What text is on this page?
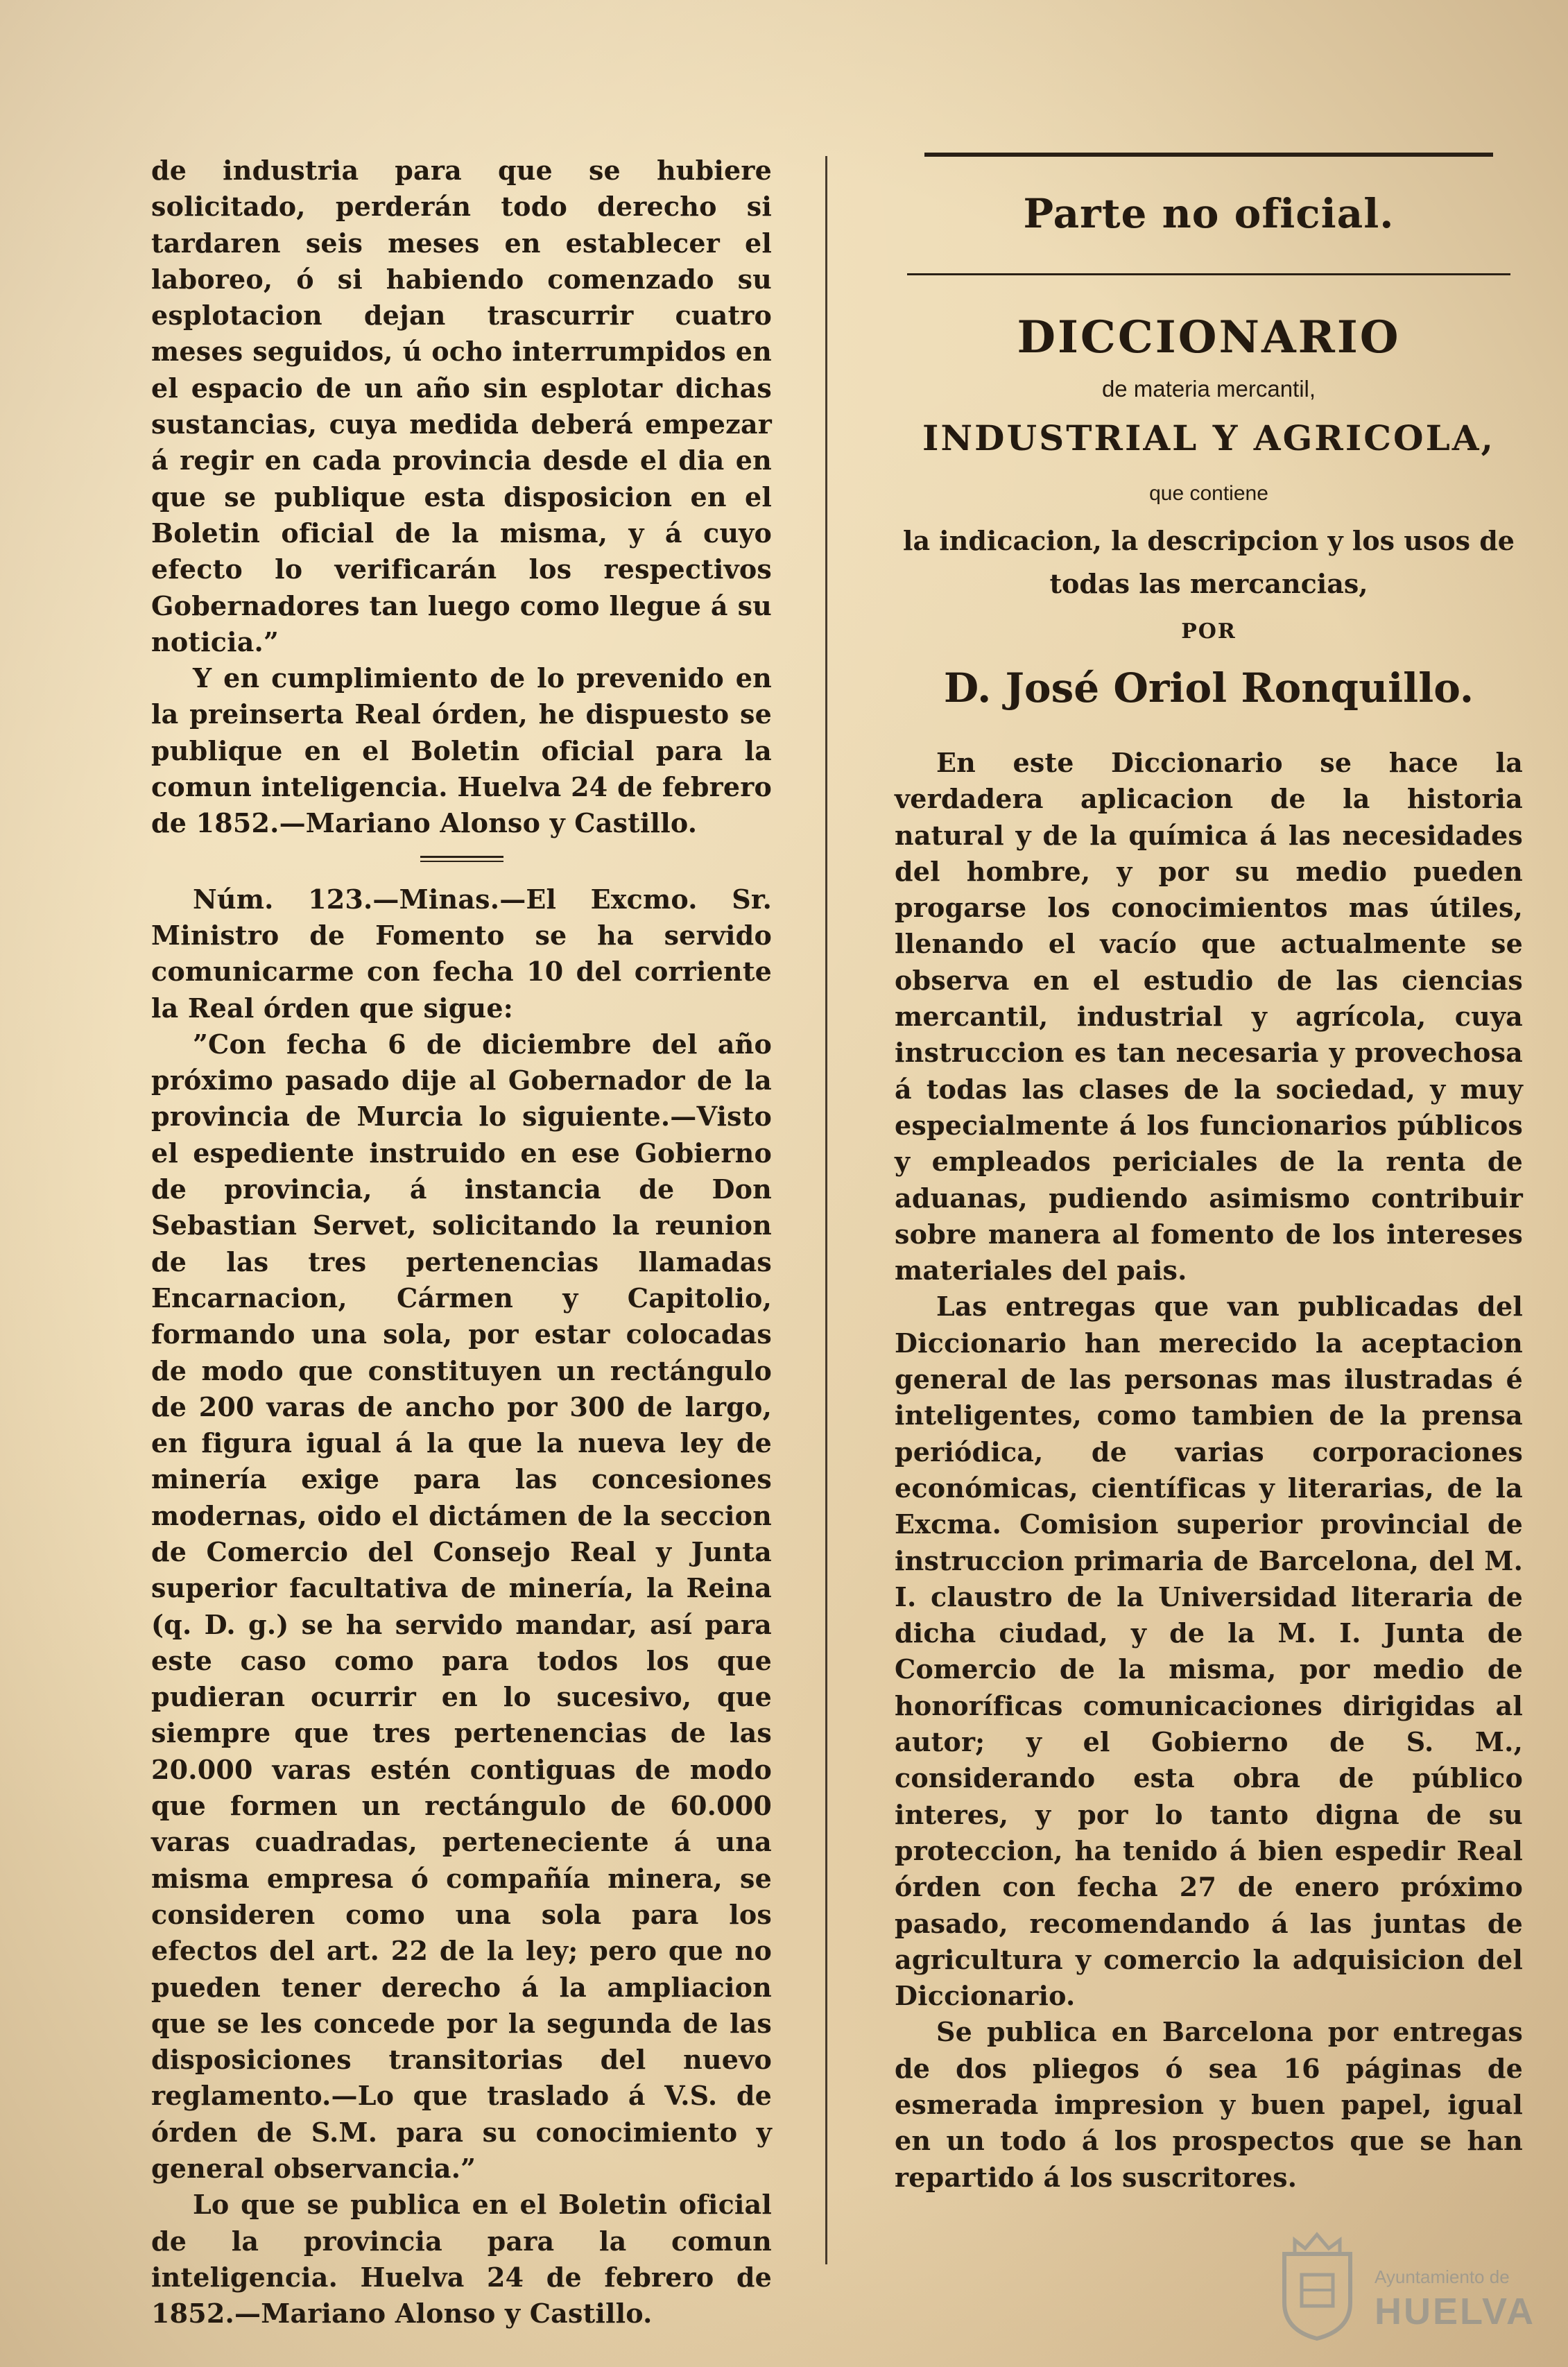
de industria para que se hubiere solicitado, perderán todo derecho si tardaren seis meses en establecer el laboreo, ó si habiendo comenzado su esplotacion dejan trascurrir cuatro meses seguidos, ú ocho interrumpidos en el espacio de un año sin esplotar dichas sustancias, cuya medida deberá empezar á regir en cada provincia desde el dia en que se publique esta disposicion en el Boletin oficial de la misma, y á cuyo efecto lo verificarán los respectivos Gobernadores tan luego como llegue á su noticia.”

Y en cumplimiento de lo prevenido en la preinserta Real órden, he dispuesto se publique en el Boletin oficial para la comun inteligencia. Huelva 24 de febrero de 1852.—Mariano Alonso y Castillo.

Núm. 123.—Minas.—El Excmo. Sr. Ministro de Fomento se ha servido comunicarme con fecha 10 del corriente la Real órden que sigue:

”Con fecha 6 de diciembre del año próximo pasado dije al Gobernador de la provincia de Murcia lo siguiente.—Visto el espediente instruido en ese Gobierno de provincia, á instancia de Don Sebastian Servet, solicitando la reunion de las tres pertenencias llamadas Encarnacion, Cármen y Capitolio, formando una sola, por estar colocadas de modo que constituyen un rectángulo de 200 varas de ancho por 300 de largo, en figura igual á la que la nueva ley de minería exige para las concesiones modernas, oido el dictámen de la seccion de Comercio del Consejo Real y Junta superior facultativa de minería, la Reina (q. D. g.) se ha servido mandar, así para este caso como para todos los que pudieran ocurrir en lo sucesivo, que siempre que tres pertenencias de las 20.000 varas estén contiguas de modo que formen un rectángulo de 60.000 varas cuadradas, perteneciente á una misma empresa ó compañía minera, se consideren como una sola para los efectos del art. 22 de la ley; pero que no pueden tener derecho á la ampliacion que se les concede por la segunda de las disposiciones transitorias del nuevo reglamento.—Lo que traslado á V.S. de órden de S.M. para su conocimiento y general observancia.”

Lo que se publica en el Boletin oficial de la provincia para la comun inteligencia. Huelva 24 de febrero de 1852.—Mariano Alonso y Castillo.

Parte no oficial.

DICCIONARIO

de materia mercantil,

INDUSTRIAL Y AGRICOLA,

que contiene

la indicacion, la descripcion y los usos de

todas las mercancias,

POR

D. José Oriol Ronquillo.

En este Diccionario se hace la verdadera aplicacion de la historia natural y de la química á las necesidades del hombre, y por su medio pueden progarse los conocimientos mas útiles, llenando el vacío que actualmente se observa en el estudio de las ciencias mercantil, industrial y agrícola, cuya instruccion es tan necesaria y provechosa á todas las clases de la sociedad, y muy especialmente á los funcionarios públicos y empleados periciales de la renta de aduanas, pudiendo asimismo contribuir sobre manera al fomento de los intereses materiales del pais.

Las entregas que van publicadas del Diccionario han merecido la aceptacion general de las personas mas ilustradas é inteligentes, como tambien de la prensa periódica, de varias corporaciones económicas, científicas y literarias, de la Excma. Comision superior provincial de instruccion primaria de Barcelona, del M. I. claustro de la Universidad literaria de dicha ciudad, y de la M. I. Junta de Comercio de la misma, por medio de honoríficas comunicaciones dirigidas al autor; y el Gobierno de S. M., considerando esta obra de público interes, y por lo tanto digna de su proteccion, ha tenido á bien espedir Real órden con fecha 27 de enero próximo pasado, recomendando á las juntas de agricultura y comercio la adquisicion del Diccionario.

Se publica en Barcelona por entregas de dos pliegos ó sea 16 páginas de esmerada impresion y buen papel, igual en un todo á los prospectos que se han repartido á los suscritores.

Ayuntamiento de
HUELVA
